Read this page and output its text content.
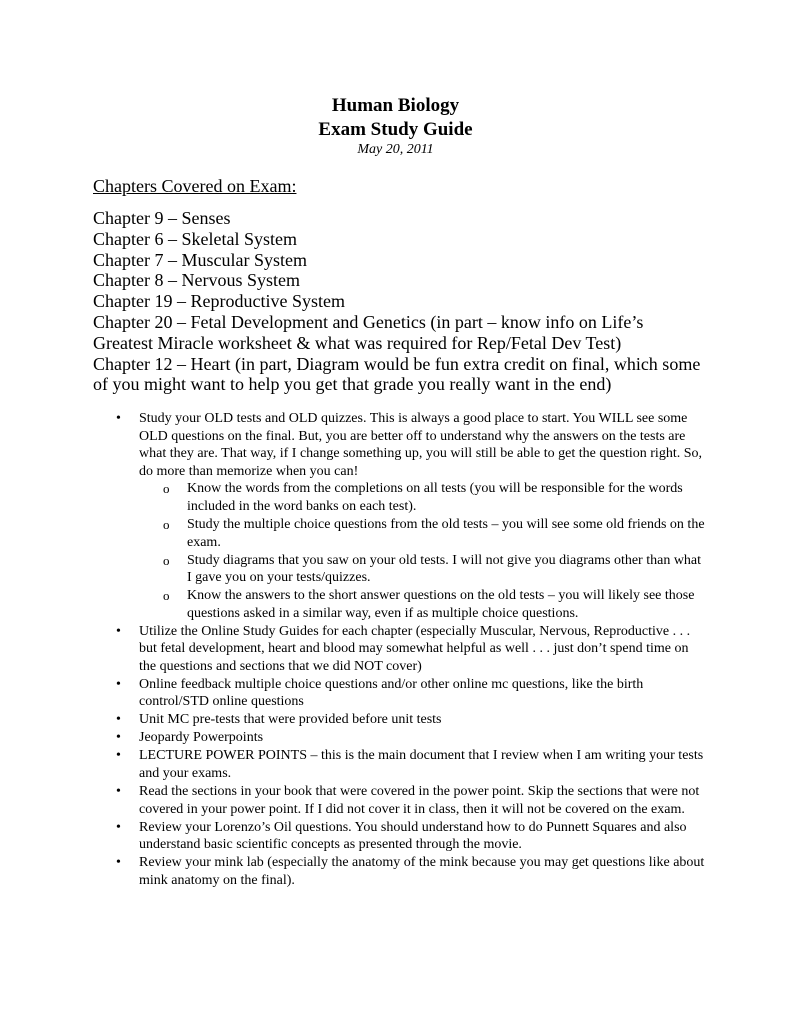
Human Biology
Exam Study Guide
May 20, 2011
Chapters Covered on Exam:
Chapter 9 – Senses
Chapter 6 – Skeletal System
Chapter 7 – Muscular System
Chapter 8 – Nervous System
Chapter 19 – Reproductive System
Chapter 20 – Fetal Development and Genetics (in part – know info on Life’s Greatest Miracle worksheet & what was required for Rep/Fetal Dev Test)
Chapter 12 – Heart (in part, Diagram would be fun extra credit on final, which some of you might want to help you get that grade you really want in the end)
• Study your OLD tests and OLD quizzes. This is always a good place to start. You WILL see some OLD questions on the final. But, you are better off to understand why the answers on the tests are what they are. That way, if I change something up, you will still be able to get the question right. So, do more than memorize when you can!
o Know the words from the completions on all tests (you will be responsible for the words included in the word banks on each test).
o Study the multiple choice questions from the old tests – you will see some old friends on the exam.
o Study diagrams that you saw on your old tests. I will not give you diagrams other than what I gave you on your tests/quizzes.
o Know the answers to the short answer questions on the old tests – you will likely see those questions asked in a similar way, even if as multiple choice questions.
• Utilize the Online Study Guides for each chapter (especially Muscular, Nervous, Reproductive . . . but fetal development, heart and blood may somewhat helpful as well . . . just don’t spend time on the questions and sections that we did NOT cover)
• Online feedback multiple choice questions and/or other online mc questions, like the birth control/STD online questions
• Unit MC pre-tests that were provided before unit tests
• Jeopardy Powerpoints
• LECTURE POWER POINTS – this is the main document that I review when I am writing your tests and your exams.
• Read the sections in your book that were covered in the power point. Skip the sections that were not covered in your power point. If I did not cover it in class, then it will not be covered on the exam.
• Review your Lorenzo’s Oil questions. You should understand how to do Punnett Squares and also understand basic scientific concepts as presented through the movie.
• Review your mink lab (especially the anatomy of the mink because you may get questions like about mink anatomy on the final).
